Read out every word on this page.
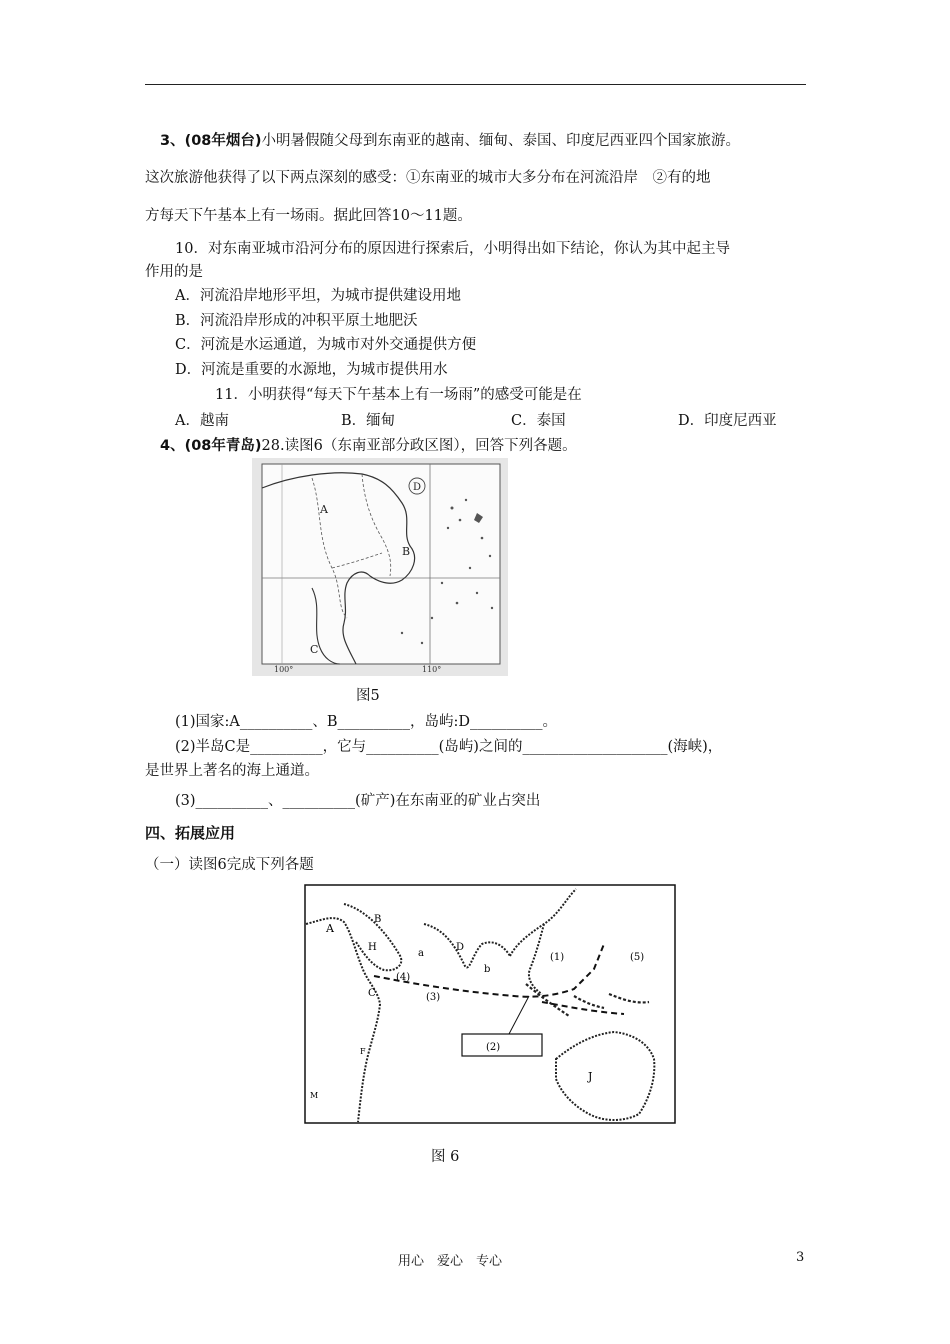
3、(08年烟台)小明暑假随父母到东南亚的越南、缅甸、泰国、印度尼西亚四个国家旅游。
这次旅游他获得了以下两点深刻的感受：①东南亚的城市大多分布在河流沿岸　②有的地
方每天下午基本上有一场雨。据此回答10～11题。
10．对东南亚城市沿河分布的原因进行探索后，小明得出如下结论，你认为其中起主导
作用的是
A．河流沿岸地形平坦，为城市提供建设用地
B．河流沿岸形成的冲积平原土地肥沃
C．河流是水运通道，为城市对外交通提供方便
D．河流是重要的水源地，为城市提供用水
11．小明获得“每天下午基本上有一场雨”的感受可能是在
A．越南	B．缅甸	C．泰国	D．印度尼西亚
4、(08年青岛)28.读图6（东南亚部分政区图），回答下列各题。
A
B
C
D
100°	110°
图5
(1)国家:A__________、B__________，岛屿:D__________。
(2)半岛C是__________，它与__________(岛屿)之间的____________________(海峡)，
是世界上著名的海上通道。
(3)__________、__________(矿产)在东南亚的矿业占突出
四、拓展应用
（一）读图6完成下列各题
A
B
H	D
a
b
(1)	(5)
(4)
C	(3)
(2)
J
F
M
图 6
用心　爱心　专心	3
